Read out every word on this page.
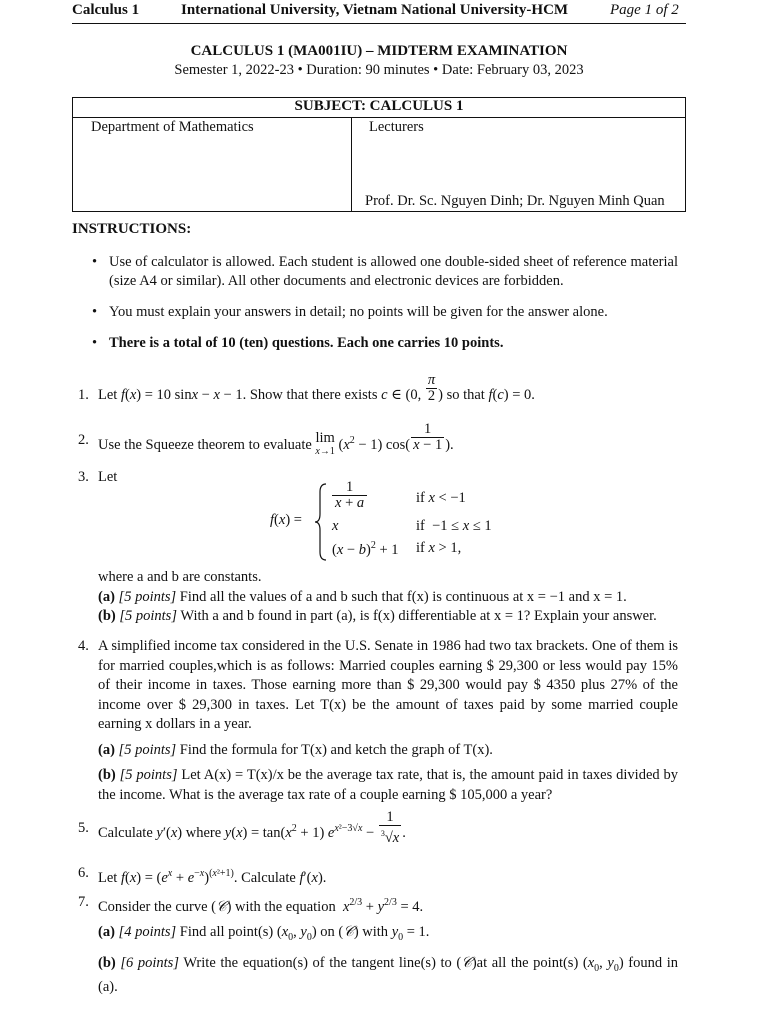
Calculus 1	International University, Vietnam National University-HCM	Page 1 of 2
CALCULUS 1 (MA001IU) – MIDTERM EXAMINATION
Semester 1, 2022-23 • Duration: 90 minutes • Date: February 03, 2023
SUBJECT: CALCULUS 1
Department of Mathematics	Lecturers
Prof. Dr. Sc. Nguyen Dinh; Dr. Nguyen Minh Quan
INSTRUCTIONS:
• Use of calculator is allowed. Each student is allowed one double-sided sheet of reference material (size A4 or similar). All other documents and electronic devices are forbidden.
• You must explain your answers in detail; no points will be given for the answer alone.
• There is a total of 10 (ten) questions. Each one carries 10 points.
1. Let f(x) = 10 sinx − x − 1. Show that there exists c ∈ (0, $\frac{\pi}{2}$ ) so that f(c) = 0.
2. Use the Squeeze theorem to evaluate lim
x→1 $(x^2 - 1)$ $\cos( \frac{1}{x - 1}$ ).
3. Let
f(x) =
1
x + a	if x < −1
x	if  −1 ≤ x ≤ 1
$(x - b)^2 + 1$ if x > 1,
where a and b are constants.
(a) [5 points] Find all the values of a and b such that f(x) is continuous at x = −1 and x = 1.
(b) [5 points] With a and b found in part (a), is f(x) differentiable at x = 1? Explain your answer.
4. A simplified income tax considered in the U.S. Senate in 1986 had two tax brackets. One of them is for married couples,which is as follows: Married couples earning $ 29,300 or less would pay 15% of their income in taxes. Those earning more than $ 29,300 would pay $ 4350 plus 27% of the income over $ 29,300 in taxes. Let T(x) be the amount of taxes paid by some married couple earning x dollars in a year.
(a) [5 points] Find the formula for T(x) and ketch the graph of T(x).
(b) [5 points] Let A(x) = T(x)/x be the average tax rate, that is, the amount paid in taxes divided by the income. What is the average tax rate of a couple earning $ 105,000 a year?
5. Calculate y′(x) where $y(x) = \tan(x^2 + 1) e^{x^2-3√x} - \frac{1}{^3√x}$ .
6. Let $f(x) = (e^x + e^{-x})^{(x^2+1)}$. Calculate f′(x).
7. Consider the curve (𝒞) with the equation  $x^{2/3} + y^{2/3} = 4$.
(a) [4 points] Find all point(s) ($x_0$, $y_0$) on (𝒞) with $y_0 = 1$.
(b) [6 points] Write the equation(s) of the tangent line(s) to (𝒞)at all the point(s) ($x_0$, $y_0$) found in (a).
